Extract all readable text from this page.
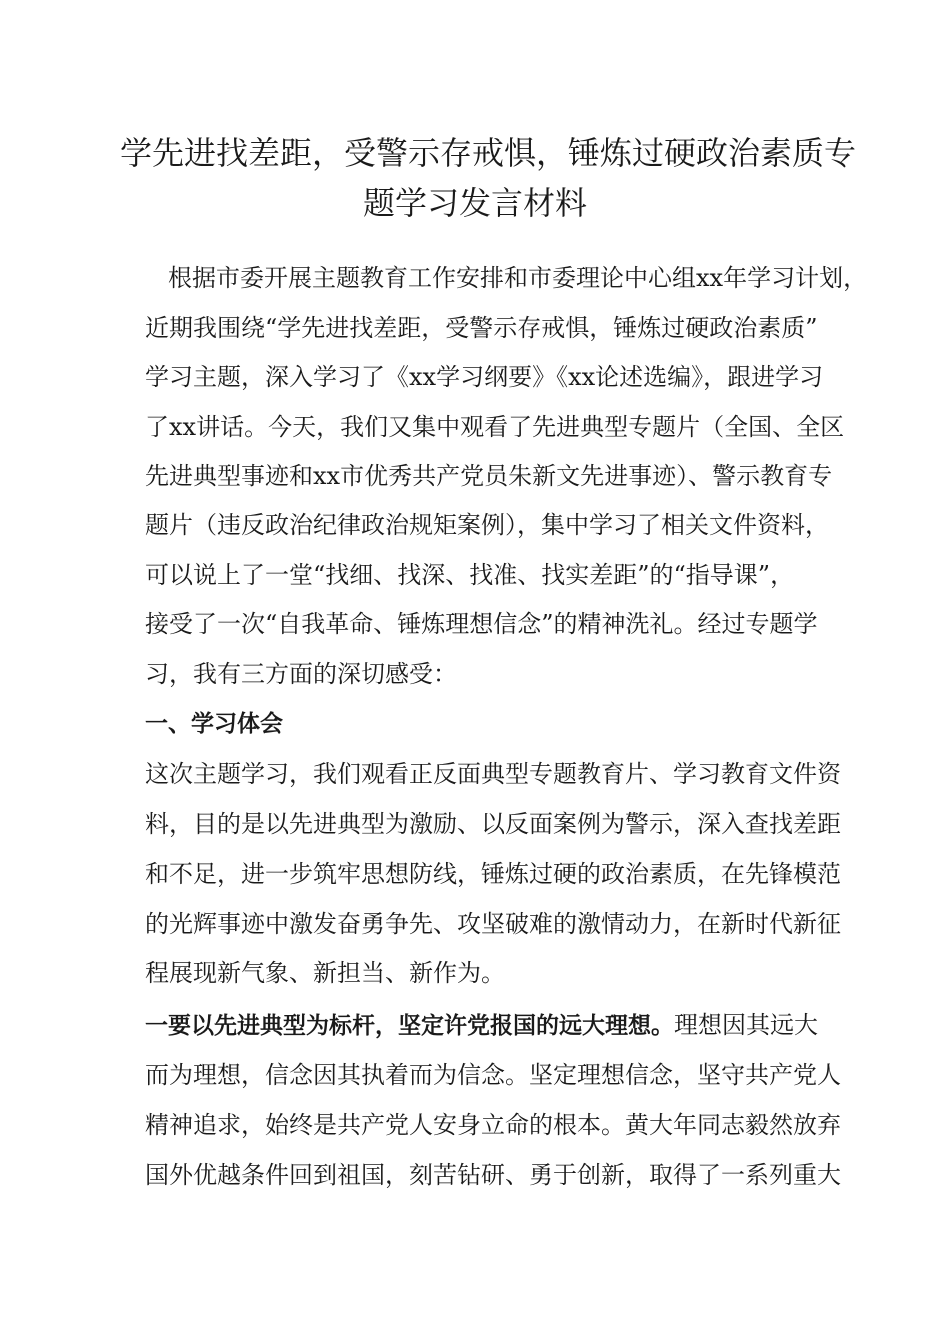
学先进找差距，受警示存戒惧，锤炼过硬政治素质专
题学习发言材料

根据市委开展主题教育工作安排和市委理论中心组xx年学习计划，

近期我围绕“学先进找差距，受警示存戒惧，锤炼过硬政治素质”

学习主题，深入学习了《xx学习纲要》《xx论述选编》，跟进学习

了xx讲话。今天，我们又集中观看了先进典型专题片（全国、全区

先进典型事迹和xx市优秀共产党员朱新文先进事迹）、警示教育专

题片（违反政治纪律政治规矩案例），集中学习了相关文件资料，

可以说上了一堂“找细、找深、找准、找实差距”的“指导课”，

接受了一次“自我革命、锤炼理想信念”的精神洗礼。经过专题学

习，我有三方面的深切感受：

一、学习体会

这次主题学习，我们观看正反面典型专题教育片、学习教育文件资

料，目的是以先进典型为激励、以反面案例为警示，深入查找差距

和不足，进一步筑牢思想防线，锤炼过硬的政治素质，在先锋模范

的光辉事迹中激发奋勇争先、攻坚破难的激情动力，在新时代新征

程展现新气象、新担当、新作为。

一要以先进典型为标杆，坚定许党报国的远大理想。理想因其远大

而为理想，信念因其执着而为信念。坚定理想信念，坚守共产党人

精神追求，始终是共产党人安身立命的根本。黄大年同志毅然放弃

国外优越条件回到祖国，刻苦钻研、勇于创新，取得了一系列重大
